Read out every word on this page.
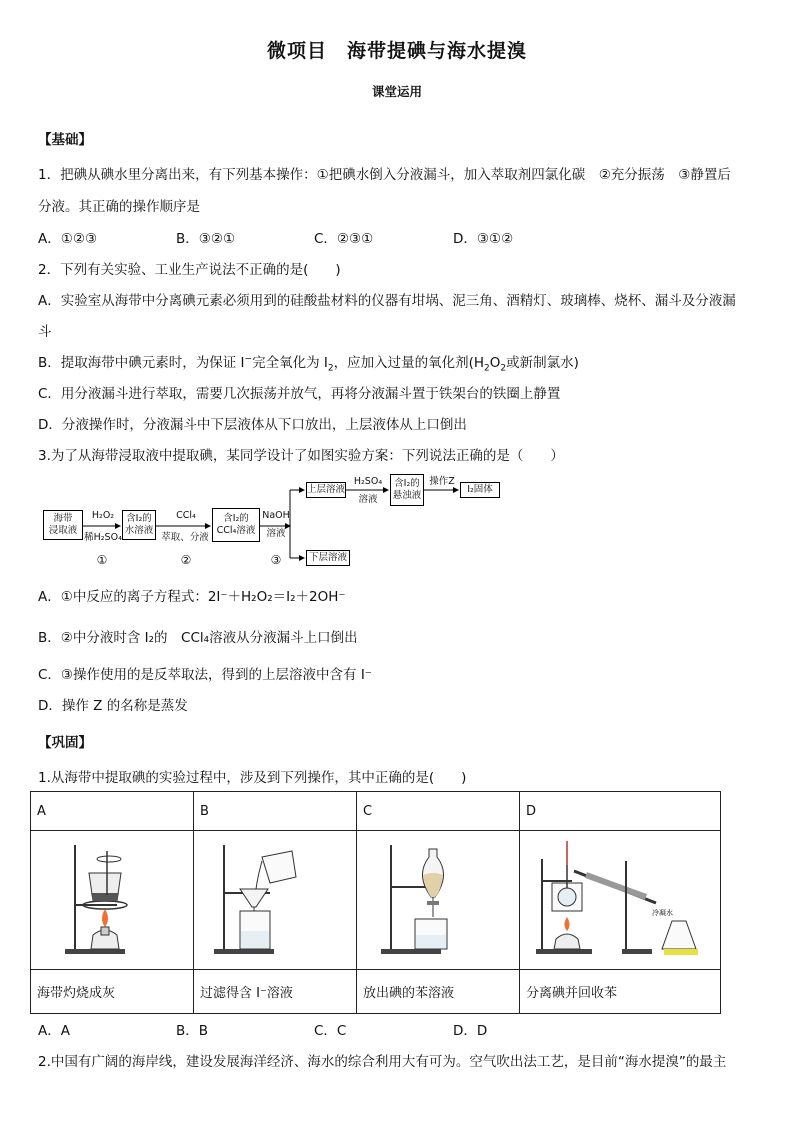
微项目　海带提碘与海水提溴
课堂运用
【基础】
1．把碘从碘水里分离出来，有下列基本操作：①把碘水倒入分液漏斗，加入萃取剂四氯化碳　②充分振荡　③静置后
分液。其正确的操作顺序是
A．①②③	B．③②①	C．②③①	D．③①②
2．下列有关实验、工业生产说法不正确的是(　　)
A．实验室从海带中分离碘元素必须用到的硅酸盐材料的仪器有坩埚、泥三角、酒精灯、玻璃棒、烧杯、漏斗及分液漏
斗
B．提取海带中碘元素时，为保证 I−完全氧化为 $I_2$，应加入过量的氧化剂($H_2O_2$或新制氯水)
C．用分液漏斗进行萃取，需要几次振荡并放气，再将分液漏斗置于铁架台的铁圈上静置
D．分液操作时，分液漏斗中下层液体从下口放出，上层液体从上口倒出
3.为了从海带浸取液中提取碘，某同学设计了如图实验方案：下列说法正确的是（　　）
海带
浸取液
H₂O₂
稀H₂SO₄
①
含I₂的
水溶液
CCl₄
萃取、分液
②
含I₂的
CCl₄溶液
NaOH
溶液
③
上层溶液
H₂SO₄
溶液
含I₂的
悬浊液
操作Z
I₂固体
下层溶液
A．①中反应的离子方程式：2I⁻＋H₂O₂＝I₂＋2OH⁻
B．②中分液时含 I₂的　CCl₄溶液从分液漏斗上口倒出
C．③操作使用的是反萃取法，得到的上层溶液中含有 I⁻
D．操作 Z 的名称是蒸发
【巩固】
1.从海带中提取碘的实验过程中，涉及到下列操作，其中正确的是(　　)
A	B	C	D

冷凝水

海带灼烧成灰	过滤得含 I⁻溶液	放出碘的苯溶液	分离碘并回收苯
A．A	B．B	C．C	D．D
2.中国有广阔的海岸线，建设发展海洋经济、海水的综合利用大有可为。空气吹出法工艺，是目前“海水提溴”的最主
